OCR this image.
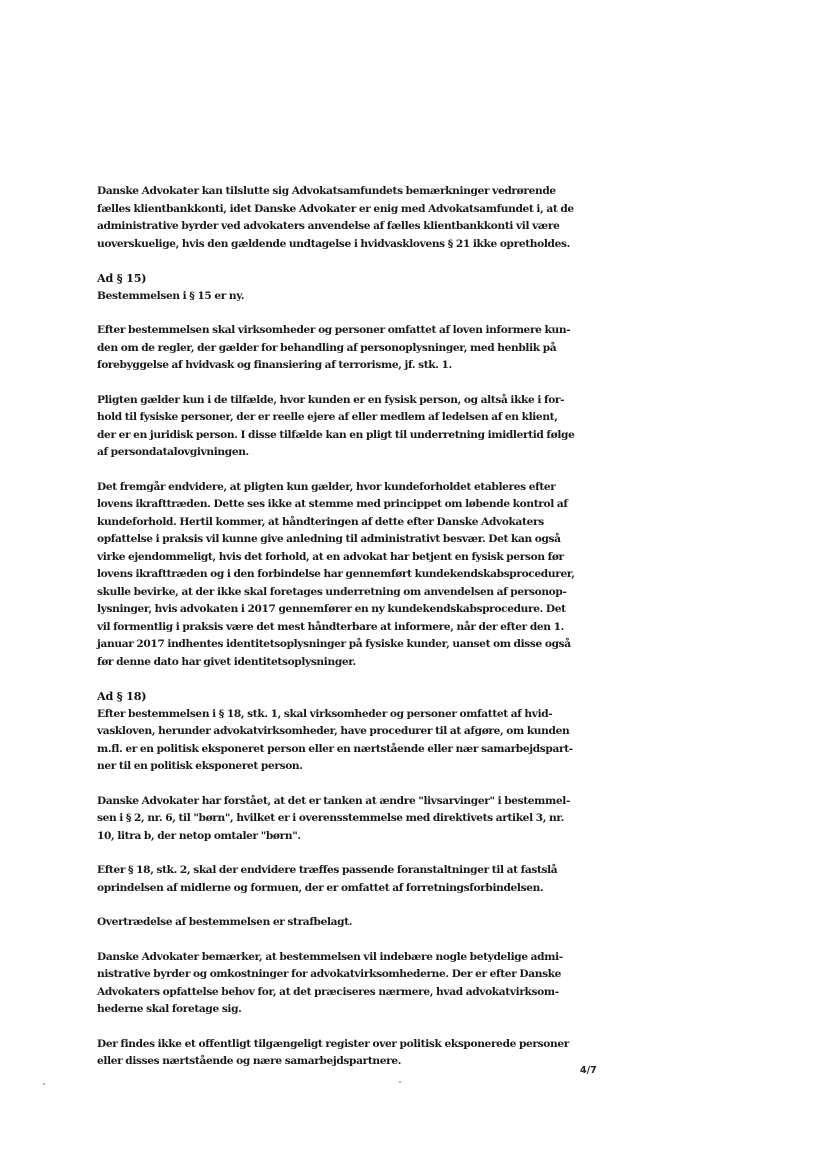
Danske Advokater kan tilslutte sig Advokatsamfundets bemærkninger vedrørende
fælles klientbankkonti, idet Danske Advokater er enig med Advokatsamfundet i, at de
administrative byrder ved advokaters anvendelse af fælles klientbankkonti vil være
uoverskuelige, hvis den gældende undtagelse i hvidvasklovens § 21 ikke opretholdes.

Ad § 15)

Bestemmelsen i § 15 er ny.

Efter bestemmelsen skal virksomheder og personer omfattet af loven informere kun-
den om de regler, der gælder for behandling af personoplysninger, med henblik på
forebyggelse af hvidvask og finansiering af terrorisme, jf. stk. 1.

Pligten gælder kun i de tilfælde, hvor kunden er en fysisk person, og altså ikke i for-
hold til fysiske personer, der er reelle ejere af eller medlem af ledelsen af en klient,
der er en juridisk person. I disse tilfælde kan en pligt til underretning imidlertid følge
af persondatalovgivningen.

Det fremgår endvidere, at pligten kun gælder, hvor kundeforholdet etableres efter
lovens ikrafttræden. Dette ses ikke at stemme med princippet om løbende kontrol af
kundeforhold. Hertil kommer, at håndteringen af dette efter Danske Advokaters
opfattelse i praksis vil kunne give anledning til administrativt besvær. Det kan også
virke ejendommeligt, hvis det forhold, at en advokat har betjent en fysisk person før
lovens ikrafttræden og i den forbindelse har gennemført kundekendskabsprocedurer,
skulle bevirke, at der ikke skal foretages underretning om anvendelsen af personop-
lysninger, hvis advokaten i 2017 gennemfører en ny kundekendskabsprocedure. Det
vil formentlig i praksis være det mest håndterbare at informere, når der efter den 1.
januar 2017 indhentes identitetsoplysninger på fysiske kunder, uanset om disse også
før denne dato har givet identitetsoplysninger.

Ad § 18)

Efter bestemmelsen i § 18, stk. 1, skal virksomheder og personer omfattet af hvid-
vaskloven, herunder advokatvirksomheder, have procedurer til at afgøre, om kunden
m.fl. er en politisk eksponeret person eller en nærtstående eller nær samarbejdspart-
ner til en politisk eksponeret person.

Danske Advokater har forstået, at det er tanken at ændre "livsarvinger" i bestemmel-
sen i § 2, nr. 6, til "børn", hvilket er i overensstemmelse med direktivets artikel 3, nr.
10, litra b, der netop omtaler "børn".

Efter § 18, stk. 2, skal der endvidere træffes passende foranstaltninger til at fastslå
oprindelsen af midlerne og formuen, der er omfattet af forretningsforbindelsen.

Overtrædelse af bestemmelsen er strafbelagt.

Danske Advokater bemærker, at bestemmelsen vil indebære nogle betydelige admi-
nistrative byrder og omkostninger for advokatvirksomhederne. Der er efter Danske
Advokaters opfattelse behov for, at det præciseres nærmere, hvad advokatvirksom-
hederne skal foretage sig.

Der findes ikke et offentligt tilgængeligt register over politisk eksponerede personer
eller disses nærtstående og nære samarbejdspartnere.

4/7
